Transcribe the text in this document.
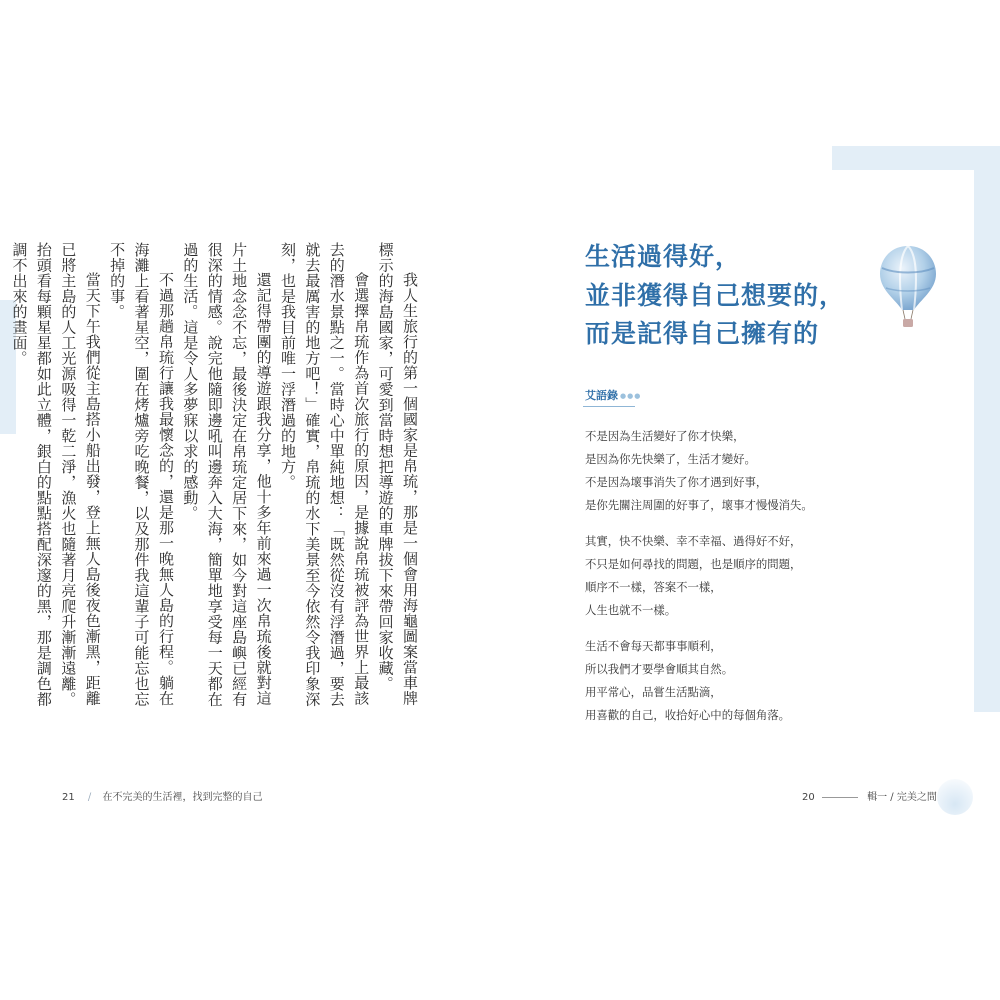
我人生旅行的第一個國家是帛琉，那是一個會用海龜圖案當車牌標示的海島國家，可愛到當時想把導遊的車牌拔下來帶回家收藏。

會選擇帛琉作為首次旅行的原因，是據說帛琉被評為世界上最該去的潛水景點之一。當時心中單純地想：「既然從沒有浮潛過，要去就去最厲害的地方吧！」確實，帛琉的水下美景至今依然令我印象深刻，也是我目前唯一浮潛過的地方。

還記得帶團的導遊跟我分享，他十多年前來過一次帛琉後就對這片土地念念不忘，最後決定在帛琉定居下來，如今對這座島嶼已經有很深的情感。說完他隨即邊吼叫邊奔入大海，簡單地享受每一天都在過的生活。這是令人多夢寐以求的感動。

不過那趟帛琉行讓我最懷念的，還是那一晚無人島的行程。躺在海灘上看著星空，圍在烤爐旁吃晚餐，以及那件我這輩子可能忘也忘不掉的事。

當天下午我們從主島搭小船出發，登上無人島後夜色漸黑，距離已將主島的人工光源吸得一乾二淨，漁火也隨著月亮爬升漸漸遠離。抬頭看每顆星星都如此立體，銀白的點點搭配深邃的黑，那是調色都調不出來的畫面。	生活過得好，
並非獲得自己想要的，
而是記得自己擁有的
艾語錄 ●●●
不是因為生活變好了你才快樂，
是因為你先快樂了，生活才變好。
不是因為壞事消失了你才遇到好事，
是你先關注周圍的好事了，壞事才慢慢消失。
其實，快不快樂、幸不幸福、過得好不好，
不只是如何尋找的問題，也是順序的問題，
順序不一樣，答案不一樣，
人生也就不一樣。
生活不會每天都事事順利，
所以我們才要學會順其自然。
用平常心，品嘗生活點滴，
用喜歡的自己，收拾好心中的每個角落。
21 / 在不完美的生活裡，找到完整的自己	20	輯一 / 完美之間
